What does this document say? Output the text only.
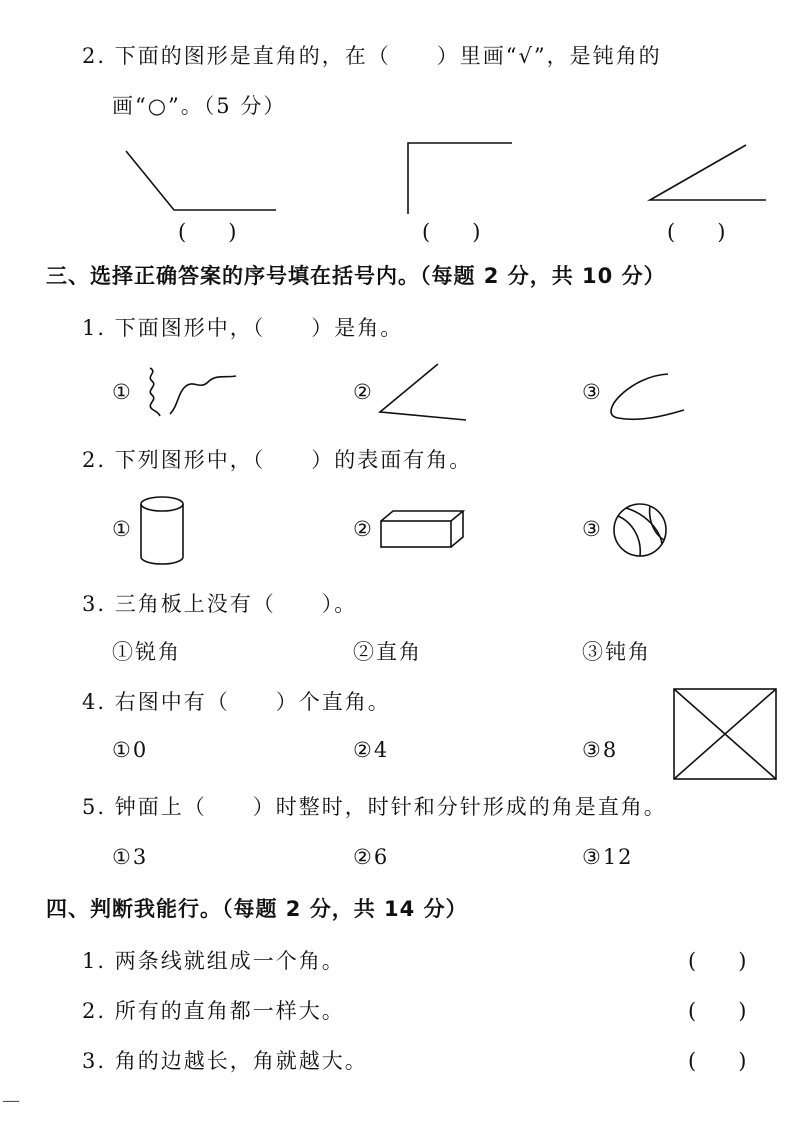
2. 下面的图形是直角的，在（　　）里画“√”，是钝角的
画“○”。（5 分）
(　　)	(　　)	(　　)
三、选择正确答案的序号填在括号内。（每题 2 分，共 10 分）
1. 下面图形中，（　　）是角。
①	②	③
2. 下列图形中，（　　）的表面有角。
①	②	③
3. 三角板上没有（　　）。
①锐角	②直角	③钝角
4. 右图中有（　　）个直角。
①0	②4	③8
5. 钟面上（　　）时整时，时针和分针形成的角是直角。
①3	②6	③12
四、判断我能行。（每题 2 分，共 14 分）
1. 两条线就组成一个角。	(　　)
2. 所有的直角都一样大。	(　　)
3. 角的边越长，角就越大。	(　　)
—
